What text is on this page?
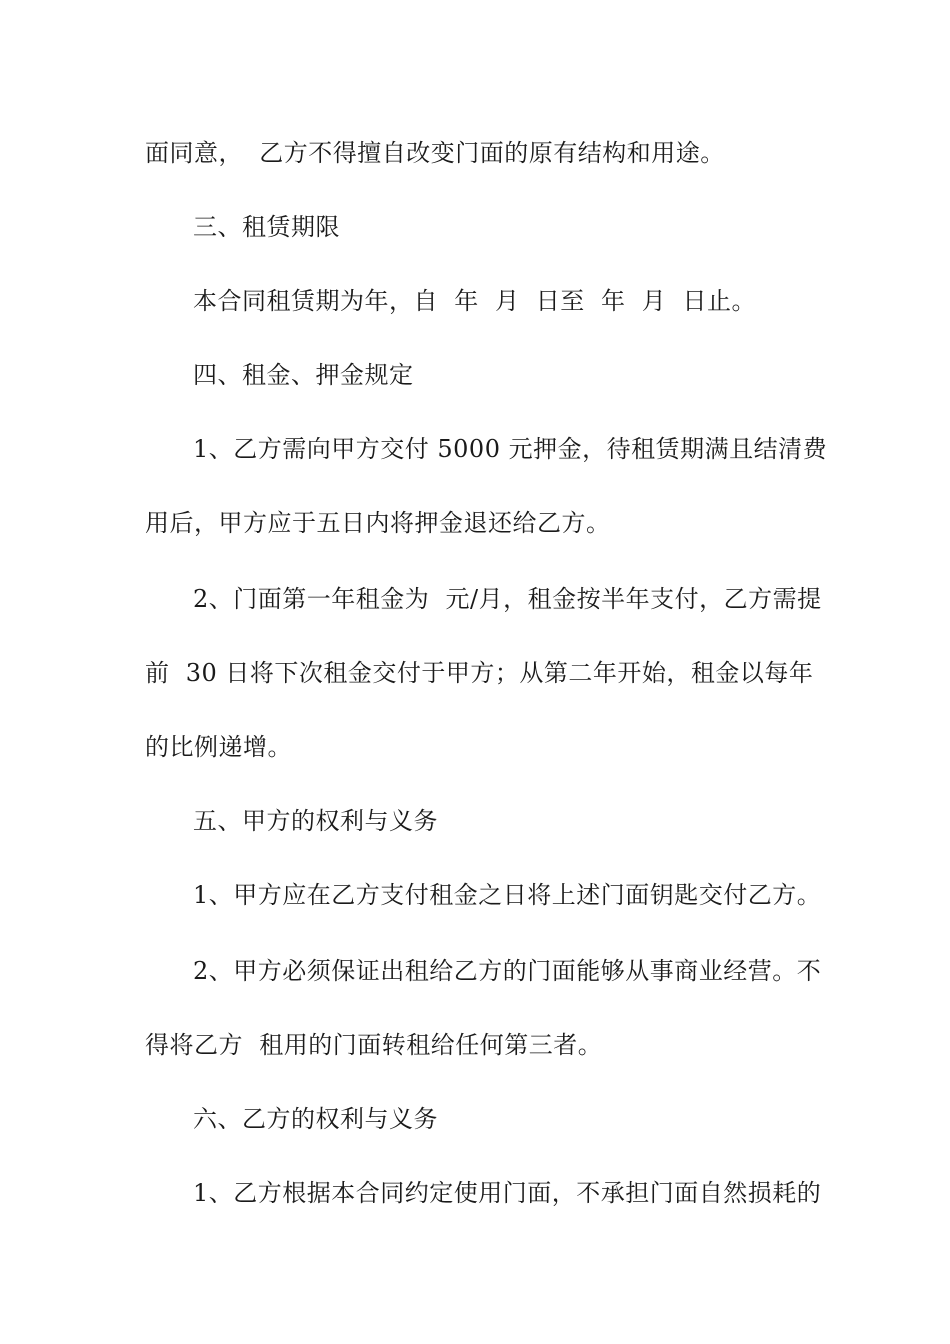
面同意，  乙方不得擅自改变门面的原有结构和用途。
三、租赁期限
本合同租赁期为年，自  年  月  日至  年  月  日止。
四、租金、押金规定
1、乙方需向甲方交付 5000 元押金，待租赁期满且结清费
用后，甲方应于五日内将押金退还给乙方。
2、门面第一年租金为  元/月，租金按半年支付，乙方需提
前  30 日将下次租金交付于甲方；从第二年开始，租金以每年
的比例递增。
五、甲方的权利与义务
1、甲方应在乙方支付租金之日将上述门面钥匙交付乙方。
2、甲方必须保证出租给乙方的门面能够从事商业经营。不
得将乙方  租用的门面转租给任何第三者。
六、乙方的权利与义务
1、乙方根据本合同约定使用门面，不承担门面自然损耗的
